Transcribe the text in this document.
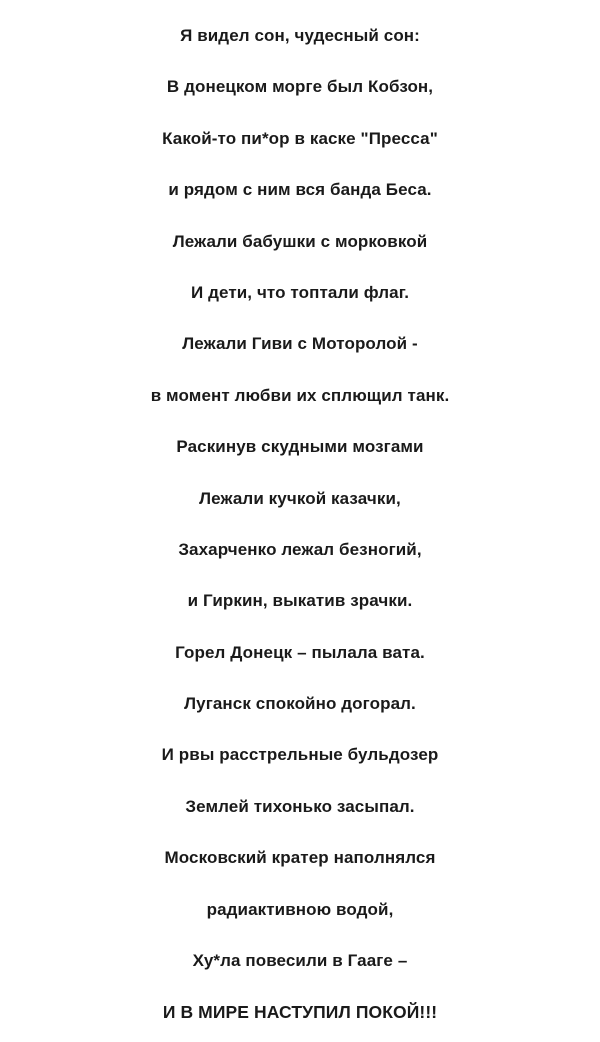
Я видел сон, чудесный сон:
В донецком морге был Кобзон,
Какой-то пи*ор в каске "Пресса"
и рядом с ним вся банда Беса.
Лежали бабушки с морковкой
И дети, что топтали флаг.
Лежали Гиви с Моторолой -
в момент любви их сплющил танк.
Раскинув скудными мозгами
Лежали кучкой казачки,
Захарченко лежал безногий,
и Гиркин, выкатив зрачки.
Горел Донецк – пылала вата.
Луганск спокойно догорал.
И рвы расстрельные бульдозер
Землей тихонько засыпал.
Московский кратер наполнялся
радиактивною водой,
Ху*ла повесили в Гааге –
И В МИРЕ НАСТУПИЛ ПОКОЙ!!!
